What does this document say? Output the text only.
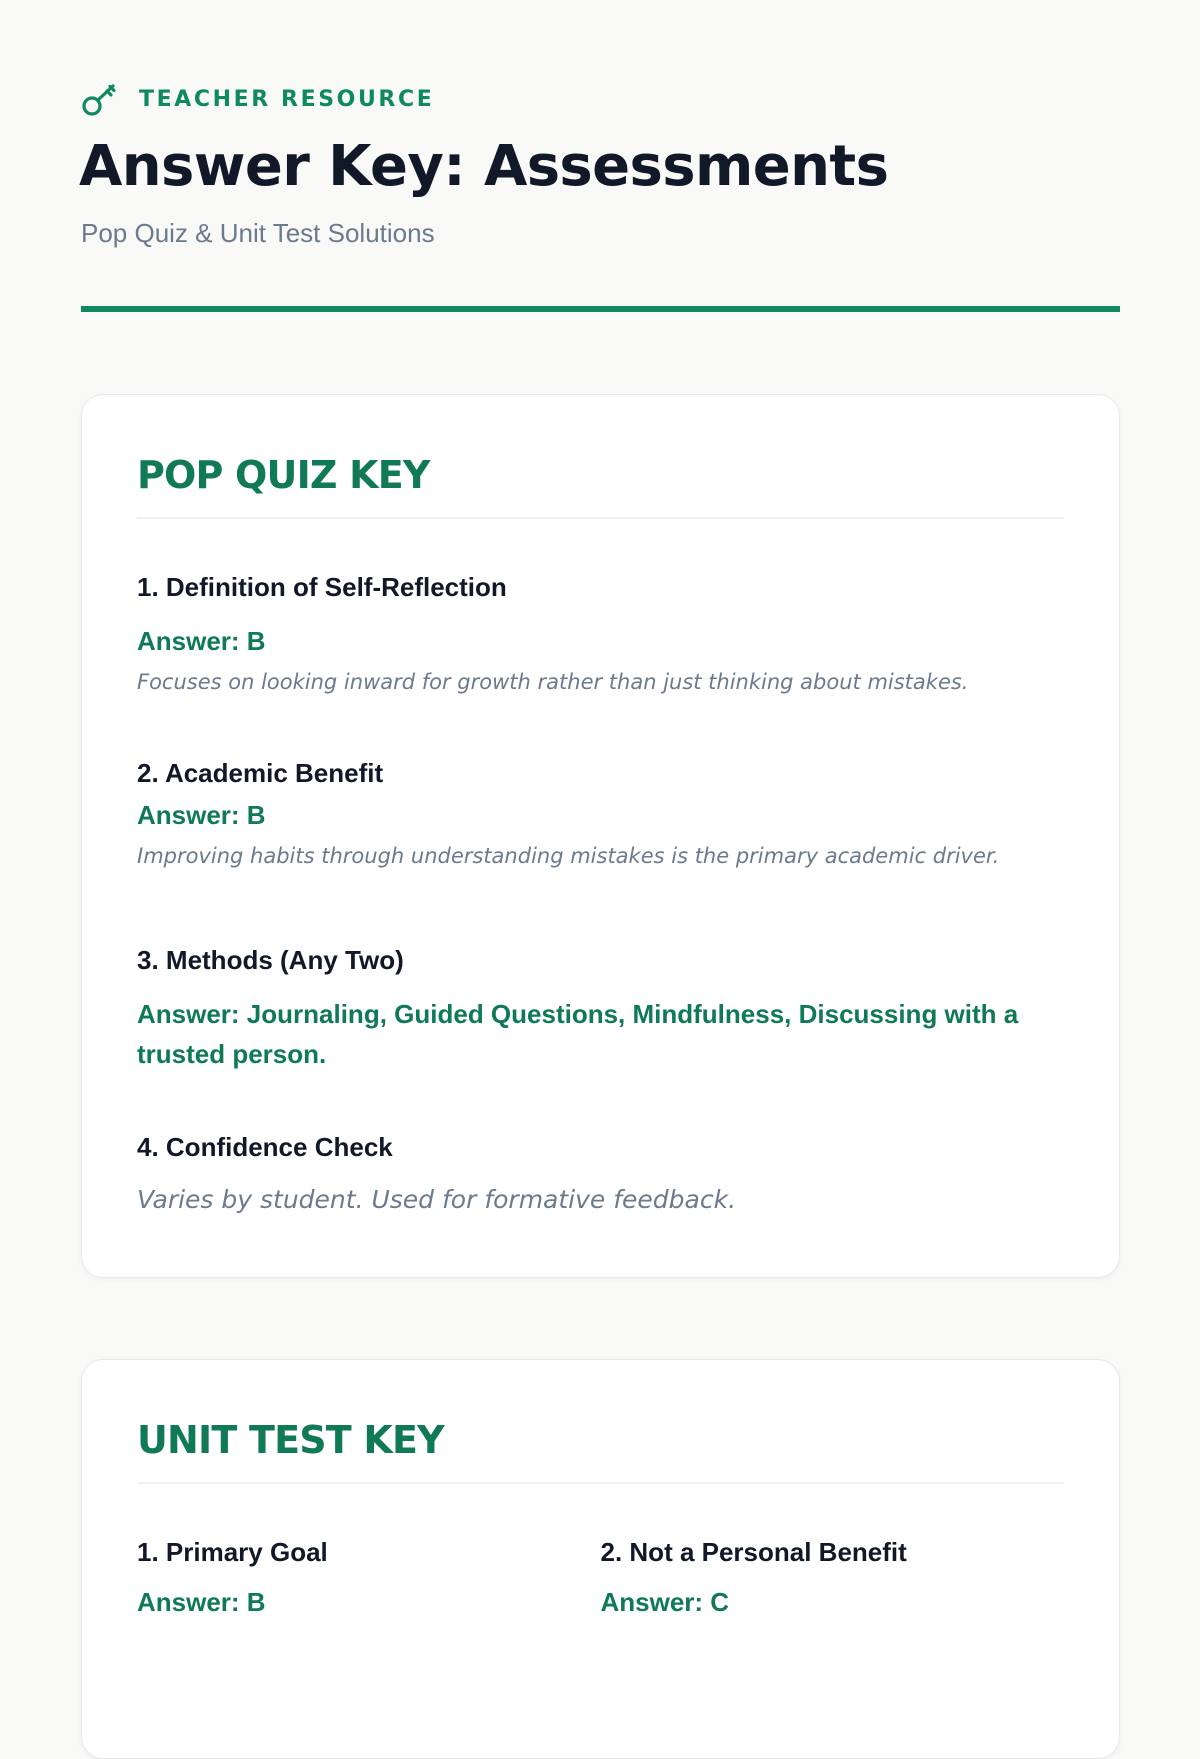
TEACHER RESOURCE
Answer Key: Assessments
Pop Quiz & Unit Test Solutions
POP QUIZ KEY
1. Definition of Self-Reflection
Answer: B
Focuses on looking inward for growth rather than just thinking about mistakes.
2. Academic Benefit
Answer: B
Improving habits through understanding mistakes is the primary academic driver.
3. Methods (Any Two)
Answer: Journaling, Guided Questions, Mindfulness, Discussing with a trusted person.
4. Confidence Check
Varies by student. Used for formative feedback.
UNIT TEST KEY
1. Primary Goal
Answer: B
2. Not a Personal Benefit
Answer: C
